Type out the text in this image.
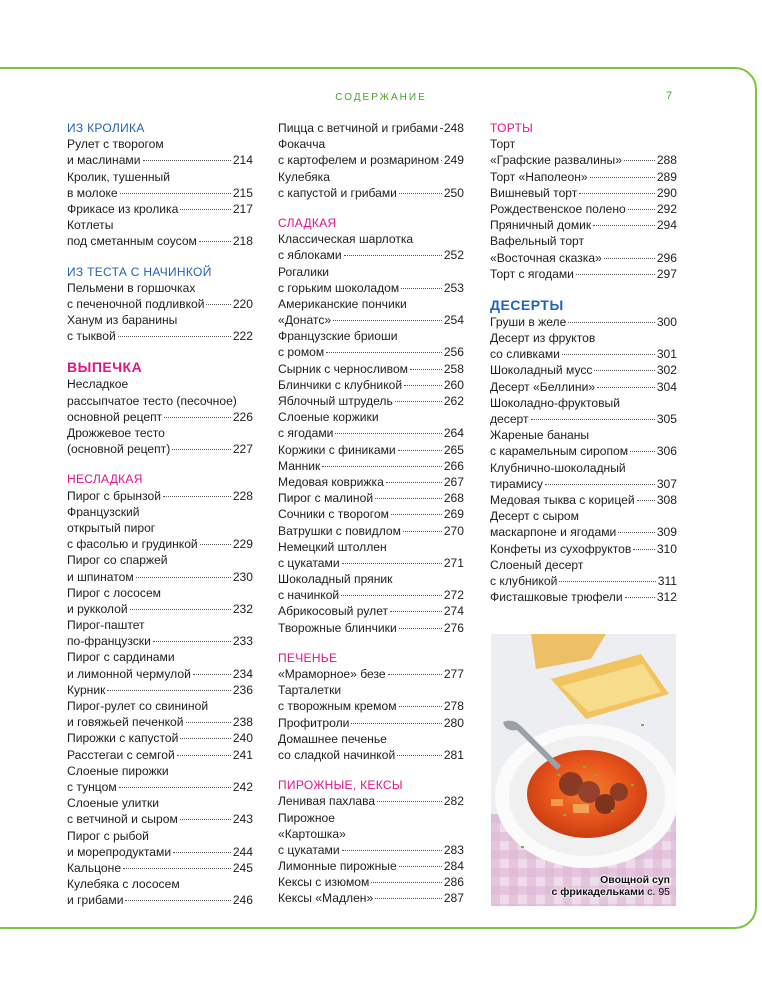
СОДЕРЖАНИЕ	7
ИЗ КРОЛИКА
Рулет с творогом
и маслинами	214
Кролик, тушенный
в молоке	215
Фрикасе из кролика	217
Котлеты
под сметанным соусом	218
ИЗ ТЕСТА С НАЧИНКОЙ
Пельмени в горшочках
с печеночной подливкой 220
Ханум из баранины
с тыквой	222
ВЫПЕЧКА
Несладкое
рассыпчатое тесто (песочное)
основной рецепт	226
Дрожжевое тесто
(основной рецепт)	227
НЕСЛАДКАЯ
Пирог с брынзой	228
Французский
открытый пирог
с фасолью и грудинкой	229
Пирог со спаржей
и шпинатом	230
Пирог с лососем
и рукколой	232
Пирог-паштет
по-французски	233
Пирог с сардинами
и лимонной чермулой	234
Курник	236
Пирог-рулет со свининой
и говяжьей печенкой	238
Пирожки с капустой	240
Расстегаи с семгой	241
Слоеные пирожки
с тунцом	242
Слоеные улитки
с ветчиной и сыром	243
Пирог с рыбой
и морепродуктами	244
Кальцоне	245
Кулебяка с лососем
и грибами	246
Пицца с ветчиной и грибами 248
Фокачча
с картофелем и розмарином 249
Кулебяка
с капустой и грибами	250
СЛАДКАЯ
Классическая шарлотка
с яблоками	252
Рогалики
с горьким шоколадом	253
Американские пончики
«Донатс»	254
Французские бриоши
с ромом	256
Сырник с черносливом	258
Блинчики с клубникой	260
Яблочный штрудель	262
Слоеные коржики
с ягодами	264
Коржики с финиками	265
Манник	266
Медовая коврижка	267
Пирог с малиной	268
Сочники с творогом	269
Ватрушки с повидлом	270
Немецкий штоллен
с цукатами	271
Шоколадный пряник
с начинкой	272
Абрикосовый рулет	274
Творожные блинчики	276
ПЕЧЕНЬЕ
«Мраморное» безе	277
Тарталетки
с творожным кремом	278
Профитроли	280
Домашнее печенье
со сладкой начинкой	281
ПИРОЖНЫЕ, КЕКСЫ
Ленивая пахлава	282
Пирожное
«Картошка»
с цукатами	283
Лимонные пирожные	284
Кексы с изюмом	286
Кексы «Мадлен»	287
ТОРТЫ
Торт
«Графские развалины»	288
Торт «Наполеон»	289
Вишневый торт	290
Рождественское полено	292
Пряничный домик	294
Вафельный торт
«Восточная сказка»	296
Торт с ягодами	297
ДЕСЕРТЫ
Груши в желе	300
Десерт из фруктов
со сливками	301
Шоколадный мусс	302
Десерт «Беллини»	304
Шоколадно-фруктовый
десерт	305
Жареные бананы
с карамельным сиропом 306
Клубнично-шоколадный
тирамису	307
Медовая тыква с корицей 308
Десерт с сыром
маскарпоне и ягодами	309
Конфеты из сухофруктов 310
Слоеный десерт
с клубникой	311
Фисташковые трюфели	312
Овощной суп
с фрикадельками с. 95
